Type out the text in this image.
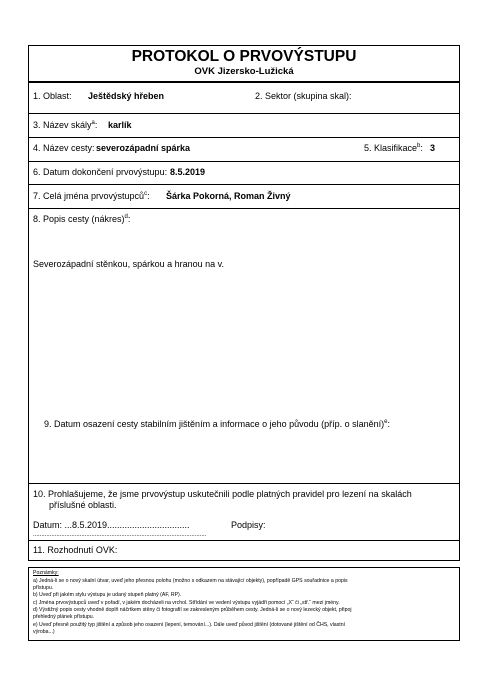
PROTOKOL O PRVOVÝSTUPU
OVK Jizersko-Lužická
1. Oblast: Ještědský hřeben	2. Sektor (skupina skal):
3. Název skály$^a$: karlík
4. Název cesty: severozápadní spárka	5. Klasifikace$^b$: 3
6. Datum dokončení prvovýstupu: 8.5.2019
7. Celá jména prvovýstupců$^c$: Šárka Pokorná, Roman Živný
8. Popis cesty (nákres)$^d$:
Severozápadní stěnkou, spárkou a hranou na v.
9. Datum osazení cesty stabilním jištěním a informace o jeho původu (příp. o slanění)$^e$:
10. Prohlašujeme, že jsme prvovýstup uskutečnili podle platných pravidel pro lezení na skalách
příslušné oblasti.
Datum: ...8.5.2019.................................	Podpisy:
........................................................................................................
11. Rozhodnutí OVK:
Poznámky:
a) Jedná-li se o nový skalní útvar, uveď jeho přesnou polohu (možno s odkazem na stávající objekty), popřípadě GPS souřadnice a popis
přístupu.
b) Uveď při jakém stylu výstupu je udaný stupeň platný (AF, RP).
c) Jména prvovýstupců uveď v pořadí, v jakém docházeli na vrchol. Střídání ve vedení výstupu vyjádři pomocí „X“ či „stř.“ mezi jmény.
d) Výstižný popis cesty vhodně doplň náčrtkem stěny či fotografií se zakresleným průběhem cesty. Jedná-li se o nový lezecký objekt, připoj
přehledný plánek přístupu.
e) Uveď přesně použitý typ jištění a způsob jeho osazení (lepení, temování...). Dále uveď původ jištění (dotované jištění od ČHS, vlastní
výroba...)
